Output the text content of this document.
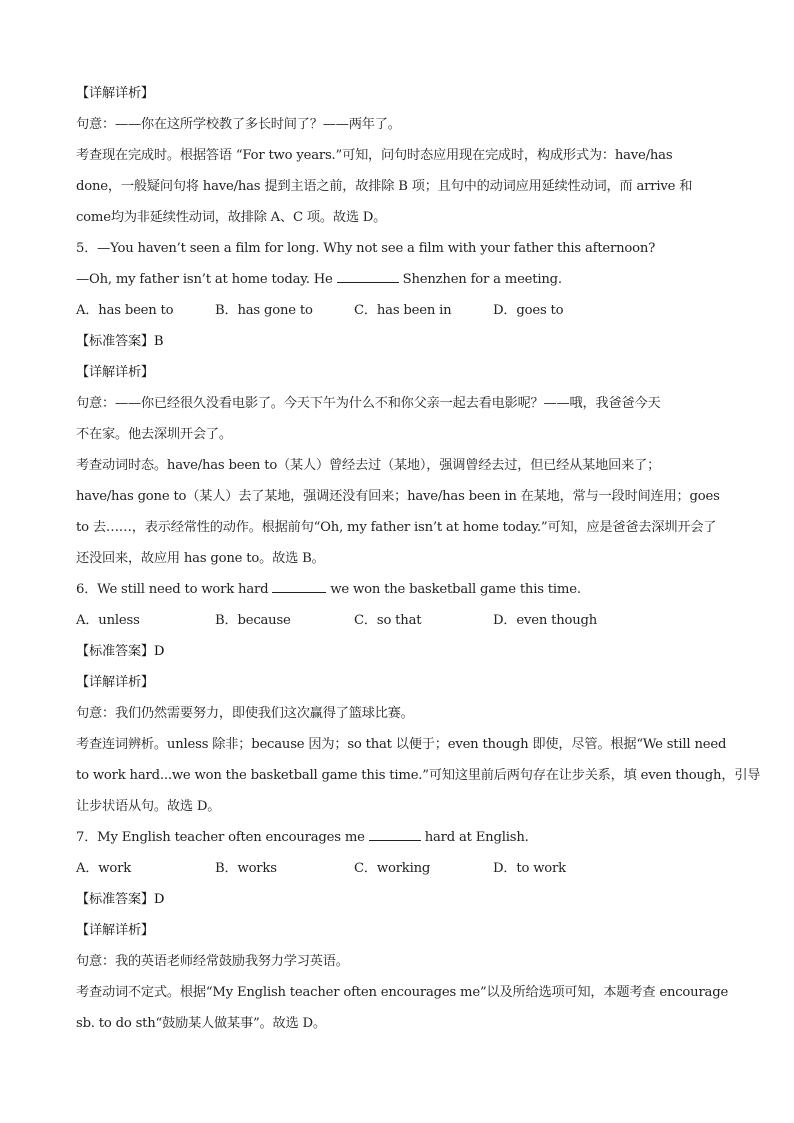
【详解详析】
句意：——你在这所学校教了多长时间了？——两年了。
考查现在完成时。根据答语 “For two years.”可知，问句时态应用现在完成时，构成形式为：have/has
done，一般疑问句将 have/has 提到主语之前，故排除 B 项；且句中的动词应用延续性动词，而 arrive 和
come均为非延续性动词，故排除 A、C 项。故选 D。
5．—You haven’t seen a film for long. Why not see a film with your father this afternoon?
—Oh, my father isn’t at home today. He	Shenzhen for a meeting.
A．has been to	B．has gone to	C．has been in	D．goes to
【标准答案】B
【详解详析】
句意：——你已经很久没看电影了。今天下午为什么不和你父亲一起去看电影呢？——哦，我爸爸今天
不在家。他去深圳开会了。
考查动词时态。have/has been to（某人）曾经去过（某地），强调曾经去过，但已经从某地回来了；
have/has gone to（某人）去了某地，强调还没有回来；have/has been in 在某地，常与一段时间连用；goes
to 去……，表示经常性的动作。根据前句“Oh, my father isn’t at home today.”可知，应是爸爸去深圳开会了
还没回来，故应用 has gone to。故选 B。
6．We still need to work hard	we won the basketball game this time.
A．unless	B．because	C．so that	D．even though
【标准答案】D
【详解详析】
句意：我们仍然需要努力，即使我们这次赢得了篮球比赛。
考查连词辨析。unless 除非；because 因为；so that 以便于；even though 即使，尽管。根据“We still need
to work hard...we won the basketball game this time.”可知这里前后两句存在让步关系，填 even though，引导
让步状语从句。故选 D。
7．My English teacher often encourages me	hard at English.
A．work	B．works	C．working	D．to work
【标准答案】D
【详解详析】
句意：我的英语老师经常鼓励我努力学习英语。
考查动词不定式。根据“My English teacher often encourages me”以及所给选项可知，本题考查 encourage
sb. to do sth“鼓励某人做某事”。故选 D。
